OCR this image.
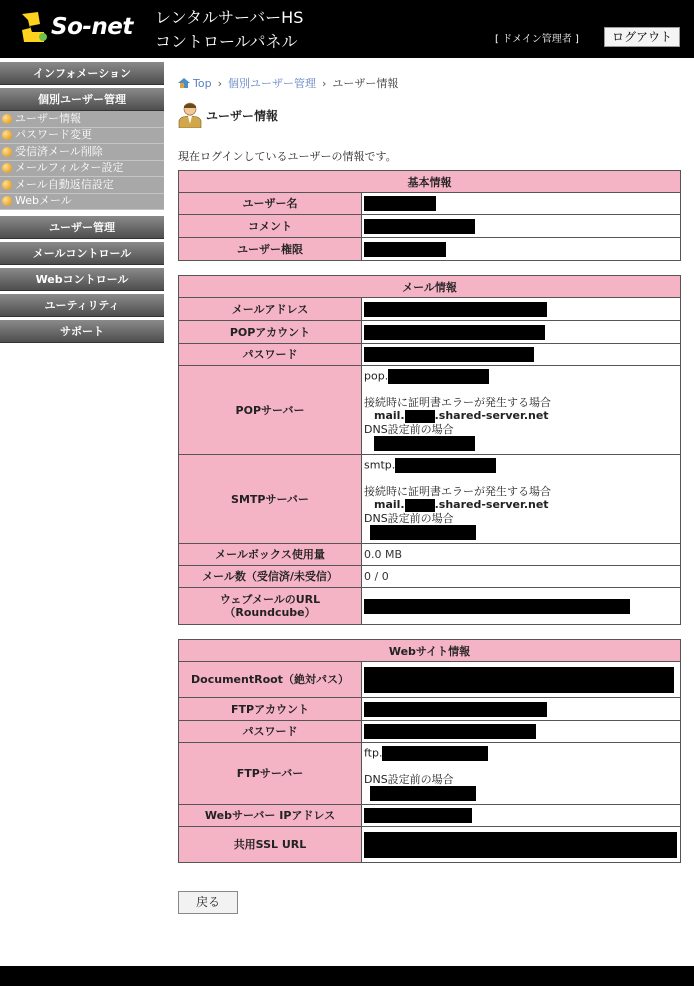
So-net レンタルサーバーHS
コントロールパネル	[ ドメイン管理者 ]	ログアウト
インフォメーション
個別ユーザー管理
ユーザー情報
パスワード変更
受信済メール削除
メールフィルター設定
メール自動返信設定
Webメール
ユーザー管理
メールコントロール
Webコントロール
ユーティリティ
サポート
Top › 個別ユーザー管理 › ユーザー情報
ユーザー情報
現在ログインしているユーザーの情報です。
基本情報	
ユーザー名	
コメント	
ユーザー権限	
メール情報	
メールアドレス	
POPアカウント	
パスワード	
POPサーバー	pop.
接続時に証明書エラーが発生する場合
mail. .shared-server.net
DNS設定前の場合

SMTPサーバー	smtp.
接続時に証明書エラーが発生する場合
mail. .shared-server.net
DNS設定前の場合

メールボックス使用量	0.0 MB
メール数（受信済/未受信）	0 / 0

ウェブメールのURL
（Roundcube）	

Webサイト情報	
DocumentRoot（絶対パス）	
FTPアカウント	
パスワード	
FTPサーバー	ftp.
DNS設定前の場合

Webサーバー IPアドレス	
共用SSL URL	
戻る
